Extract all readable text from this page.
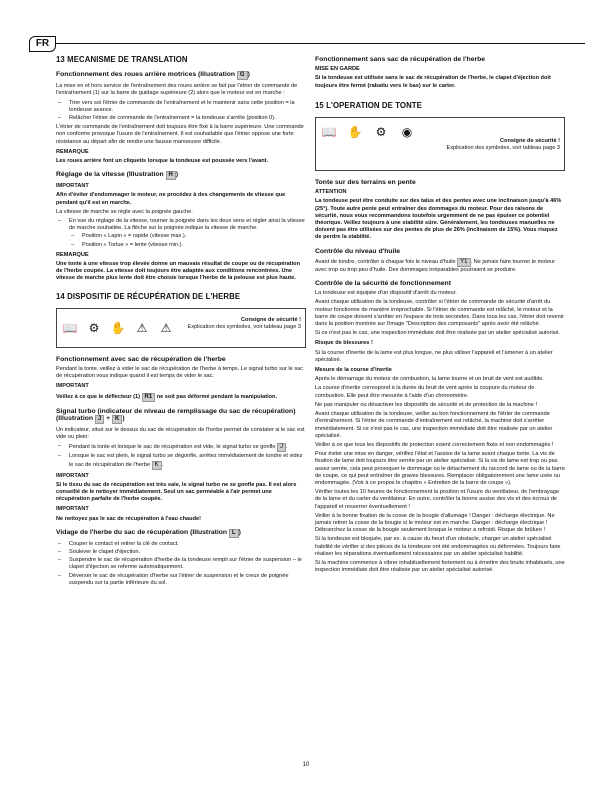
FR
13 MECANISME DE TRANSLATION
Fonctionnement des roues arrière motrices (Illustration G )

La mise en et hors service de l'entraînement des roues arrière se fait par l'étrier de commande de l'entraînement (1) sur la barre de guidage supérieure (2) alors que le moteur est en marche :

– Tirer vers soi l'étrier de commande de l'entraînement et le maintenir sans cette position = la tondeuse avance.
– Relâcher l'étrier de commande de l'entraînement = la tondeuse s'arrête (position 0).

L'étrier de commande de l'entraînement doit toujours être fixé à la barre supérieure. Une commande non conforme provoque l'usure de l'entraînement. Il est souhaitable que l'étrier oppose une forte résistance au départ afin de rendre une fausse manoeuvre difficile.

REMARQUE

Les roues arrière font un cliquetis lorsque la tondeuse est poussée vers l'avant.

Réglage de la vitesse (Illustration H )

IMPORTANT

Afin d'éviter d'endommager le moteur, ne procédez à des changements de vitesse que pendant qu'il est en marche.

La vitesse de marche se règle avec la poignée gauche.

– En vue du réglage de la vitesse, tourner la poignée dans les deux sens et régler ainsi la vitesse de marche souhaitée. La flèche sur la poignée indique la vitesse de marche.
– Position « Lapin » = rapide (vitesse max.).
– Position « Tortue » = lente (vitesse min.).

REMARQUE

Une tonte à une vitesse trop élevée donne un mauvais résultat de coupe ou de récupération de l'herbe coupée. La vitesse doit toujours être adaptée aux conditions rencontrées. Une vitesse de marche plus lente doit être choisie lorsque l'herbe de la pelouse est plus haute.

14 DISPOSITIF DE RÉCUPÉRATION DE L'HERBE
📖 ⚙ ✋ ⚠	⚠
Consigne de sécurité !
Explication des symboles, voir tableau page 3
Fonctionnement avec sac de récupération de l'herbe

Pendant la tonte, veillez à vider le sac de récupération de l'herbe à temps. Le signal turbo sur le sac de récupération vous indique quand il est temps de vider le sac.

IMPORTANT

Veillez à ce que le déflecteur (1) R1 ne soit pas déformé pendant la manipulation.

Signal turbo (indicateur de niveau de remplissage du sac de récupération) (Illustration J + K )

Un indicateur, situé sur le dessus du sac de récupération de l'herbe permet de constater si le sac est vide ou plein:

– Pendant la tonte et lorsque le sac de récupération est vide, le signal turbo se gonfle J .
– Lorsque le sac est plein, le signal turbo se dégonfle, arrêtez immédiatement de tondre et videz le sac de récupération de l'herbe K .

IMPORTANT

Si le tissu du sac de récupération est très sale, le signal turbo ne se gonfle pas. Il est alors conseillé de le nettoyer immédiatement. Seul un sac perméable à l'air permet une récupération parfaite de l'herbe coupée.

IMPORTANT

Ne nettoyez pas le sac de récupération à l'eau chaude!

Vidage de l'herbe du sac de récupération (Illustration L )
– Couper le contact et retirer la clé de contact.
– Soulever le clapet d'éjection.
– Suspendre le sac de récupération d'herbe de la tondeuse rempli sur l'étrier de suspension – le clapet d'éjection se referme automatiquement.
– Déverser le sac de récupération d'herbe sur l'étrier de suspension et le creux de poignée suspendu sur la partie inférieure du sol.
Fonctionnement sans sac de récupération de l'herbe

MISE EN GARDE

Si la tondeuse est utilisée sans le sac de récupération de l'herbe, le clapet d'éjection doit toujours être fermé (rabattu vers le bas) sur le carter.

15 L'OPERATION DE TONTE
📖 ✋	⚙	◉
Consigne de sécurité !
Explication des symboles, voir tableau page 3
Tonte sur des terrains en pente

ATTENTION

La tondeuse peut être conduite sur des talus et des pentes avec une inclinaison jusqu'à 46% (25°). Toute autre pente peut entraîner des dommages du moteur. Pour des raisons de sécurité, nous vous recommandons toutefois urgemment de ne pas épuiser ce potentiel théorique. Veillez toujours à une stabilité sûre. Généralement, les tondeuses manuelles ne doivent pas être utilisées sur des pentes de plus de 26% (inclinaison de 15%). Vous risquez de perdre la stabilité.

Contrôle du niveau d'huile

Avant de tondre, contrôler à chaque fois le niveau d'huile Y1 . Ne jamais faire tourner le moteur avec trop ou trop peu d'huile. Des dommages irréparables pourraient se produire.

Contrôle de la sécurité de fonctionnement

La tondeuse est équipée d'un dispositif d'arrêt du moteur.

Avant chaque utilisation de la tondeuse, contrôler si l'étrier de commande de sécurité d'arrêt du moteur fonctionne de manière irréprochable. Si l'étrier de commande est relâché, le moteur et la barre de coupe doivent s'arrêter en l'espace de trois secondes. Dans tous les cas, l'étrier doit revenir dans la position montrée sur l'image "Description des composants" après avoir été relâché.

Si ce n'est pas le cas, une inspection immédiate doit être réalisée par un atelier spécialisé autorisé.

Risque de blessures !

Si la course d'inertie de la lame est plus longue, ne plus utiliser l'appareil et l'amener à un atelier spécialisé.

Mesure de la course d'inertie

Après le démarrage du moteur de combustion, la lame tourne et un bruit de vent est audible.

La course d'inertie correspond à la durée du bruit de vent après la coupure du moteur de combustion. Elle peut être mesurée à l'aide d'un chronomètre.

Ne pas manipuler ou désactiver les dispositifs de sécurité et de protection de la machine !

Avant chaque utilisation de la tondeuse, veiller au bon fonctionnement de l'étrier de commande d'entraînement. Si l'étrier de commande d'entraînement est relâché, la machine doit s'arrêter immédiatement. Si ce n'est pas le cas, une inspection immédiate doit être réalisée par un atelier spécialisé.

Veiller à ce que tous les dispositifs de protection soient correctement fixés et non endommagés !

Pour éviter une mise en danger, vérifiez l'état et l'assise de la lame avant chaque tonte. La vis de fixation de lame doit toujours être serrée par un atelier spécialisé. Si la vis de lame est trop ou pas assez serrée, cela peut provoquer le dommage ou le détachement du raccord de lame ou de la barre de coupe, ce qui peut entraîner de graves blessures. Remplacer obligatoirement une lame usée ou endommagée. (Voir à ce propos le chapitre « Entretien de la barre de coupe »).

Vérifier toutes les 10 heures de fonctionnement la position et l'usure du ventilateur, de l'embrayage de la lame et du carter du ventilateur. En outre, contrôler la bonne assise des vis et des écrous de l'appareil et resserrer éventuellement !

Veiller à la bonne fixation de la cosse de la bougie d'allumage ! Danger : décharge électrique. Ne jamais retirer la cosse de la bougie si le moteur est en marche. Danger : décharge électrique ! Débranchez la cosse de la bougie seulement lorsque le moteur a refroidi. Risque de brûlure !

Si la tondeuse est bloquée, par ex. à cause du heurt d'un obstacle, charger un atelier spécialisé habilité de vérifier si des pièces de la tondeuse ont été endommagées ou déformées. Toujours faire réaliser les réparations éventuellement nécessaires par un atelier spécialisé habilité.

Si la machine commence à vibrer inhabituellement fortement ou à émettre des bruits inhabituels, une inspection immédiate doit être réalisée par un atelier spécialisé autorisé.

10
